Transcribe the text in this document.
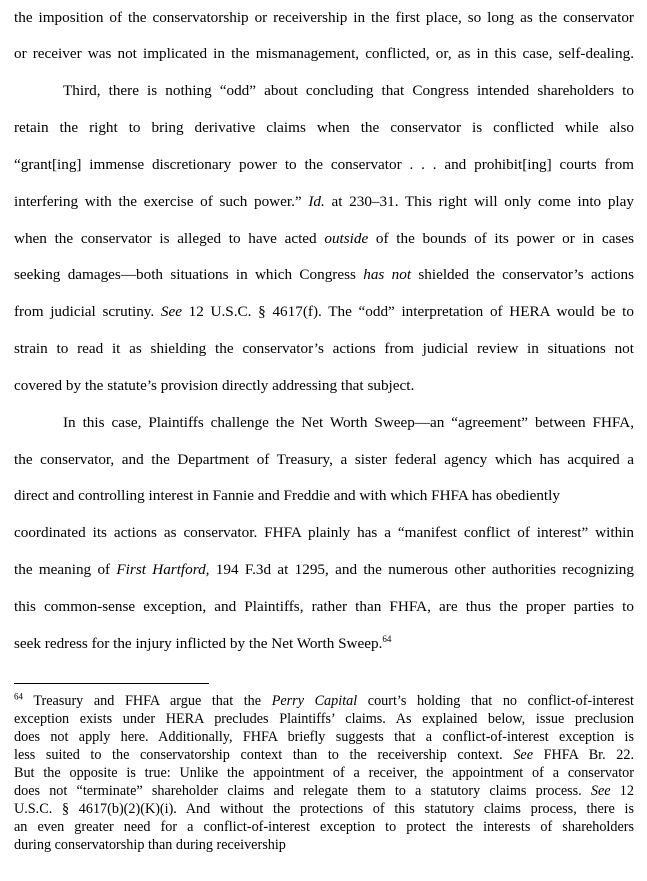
the imposition of the conservatorship or receivership in the first place, so long as the conservator
or receiver was not implicated in the mismanagement, conflicted, or, as in this case, self-dealing.
Third, there is nothing “odd” about concluding that Congress intended shareholders to
retain the right to bring derivative claims when the conservator is conflicted while also
“grant[ing] immense discretionary power to the conservator . . . and prohibit[ing] courts from
interfering with the exercise of such power.” Id. at 230–31. This right will only come into play
when the conservator is alleged to have acted outside of the bounds of its power or in cases
seeking damages—both situations in which Congress has not shielded the conservator’s actions
from judicial scrutiny. See 12 U.S.C. § 4617(f). The “odd” interpretation of HERA would be to
strain to read it as shielding the conservator’s actions from judicial review in situations not
covered by the statute’s provision directly addressing that subject.
In this case, Plaintiffs challenge the Net Worth Sweep—an “agreement” between FHFA,
the conservator, and the Department of Treasury, a sister federal agency which has acquired a
direct and controlling interest in Fannie and Freddie and with which FHFA has obediently
coordinated its actions as conservator. FHFA plainly has a “manifest conflict of interest” within
the meaning of First Hartford, 194 F.3d at 1295, and the numerous other authorities recognizing
this common-sense exception, and Plaintiffs, rather than FHFA, are thus the proper parties to
seek redress for the injury inflicted by the Net Worth Sweep.$^{64}$
$^{64}$ Treasury and FHFA argue that the Perry Capital court’s holding that no conflict-of-interest
exception exists under HERA precludes Plaintiffs’ claims. As explained below, issue preclusion
does not apply here. Additionally, FHFA briefly suggests that a conflict-of-interest exception is
less suited to the conservatorship context than to the receivership context. See FHFA Br. 22.
But the opposite is true: Unlike the appointment of a receiver, the appointment of a conservator
does not “terminate” shareholder claims and relegate them to a statutory claims process. See 12
U.S.C. § 4617(b)(2)(K)(i). And without the protections of this statutory claims process, there is
an even greater need for a conflict-of-interest exception to protect the interests of shareholders
during conservatorship than during receivership
